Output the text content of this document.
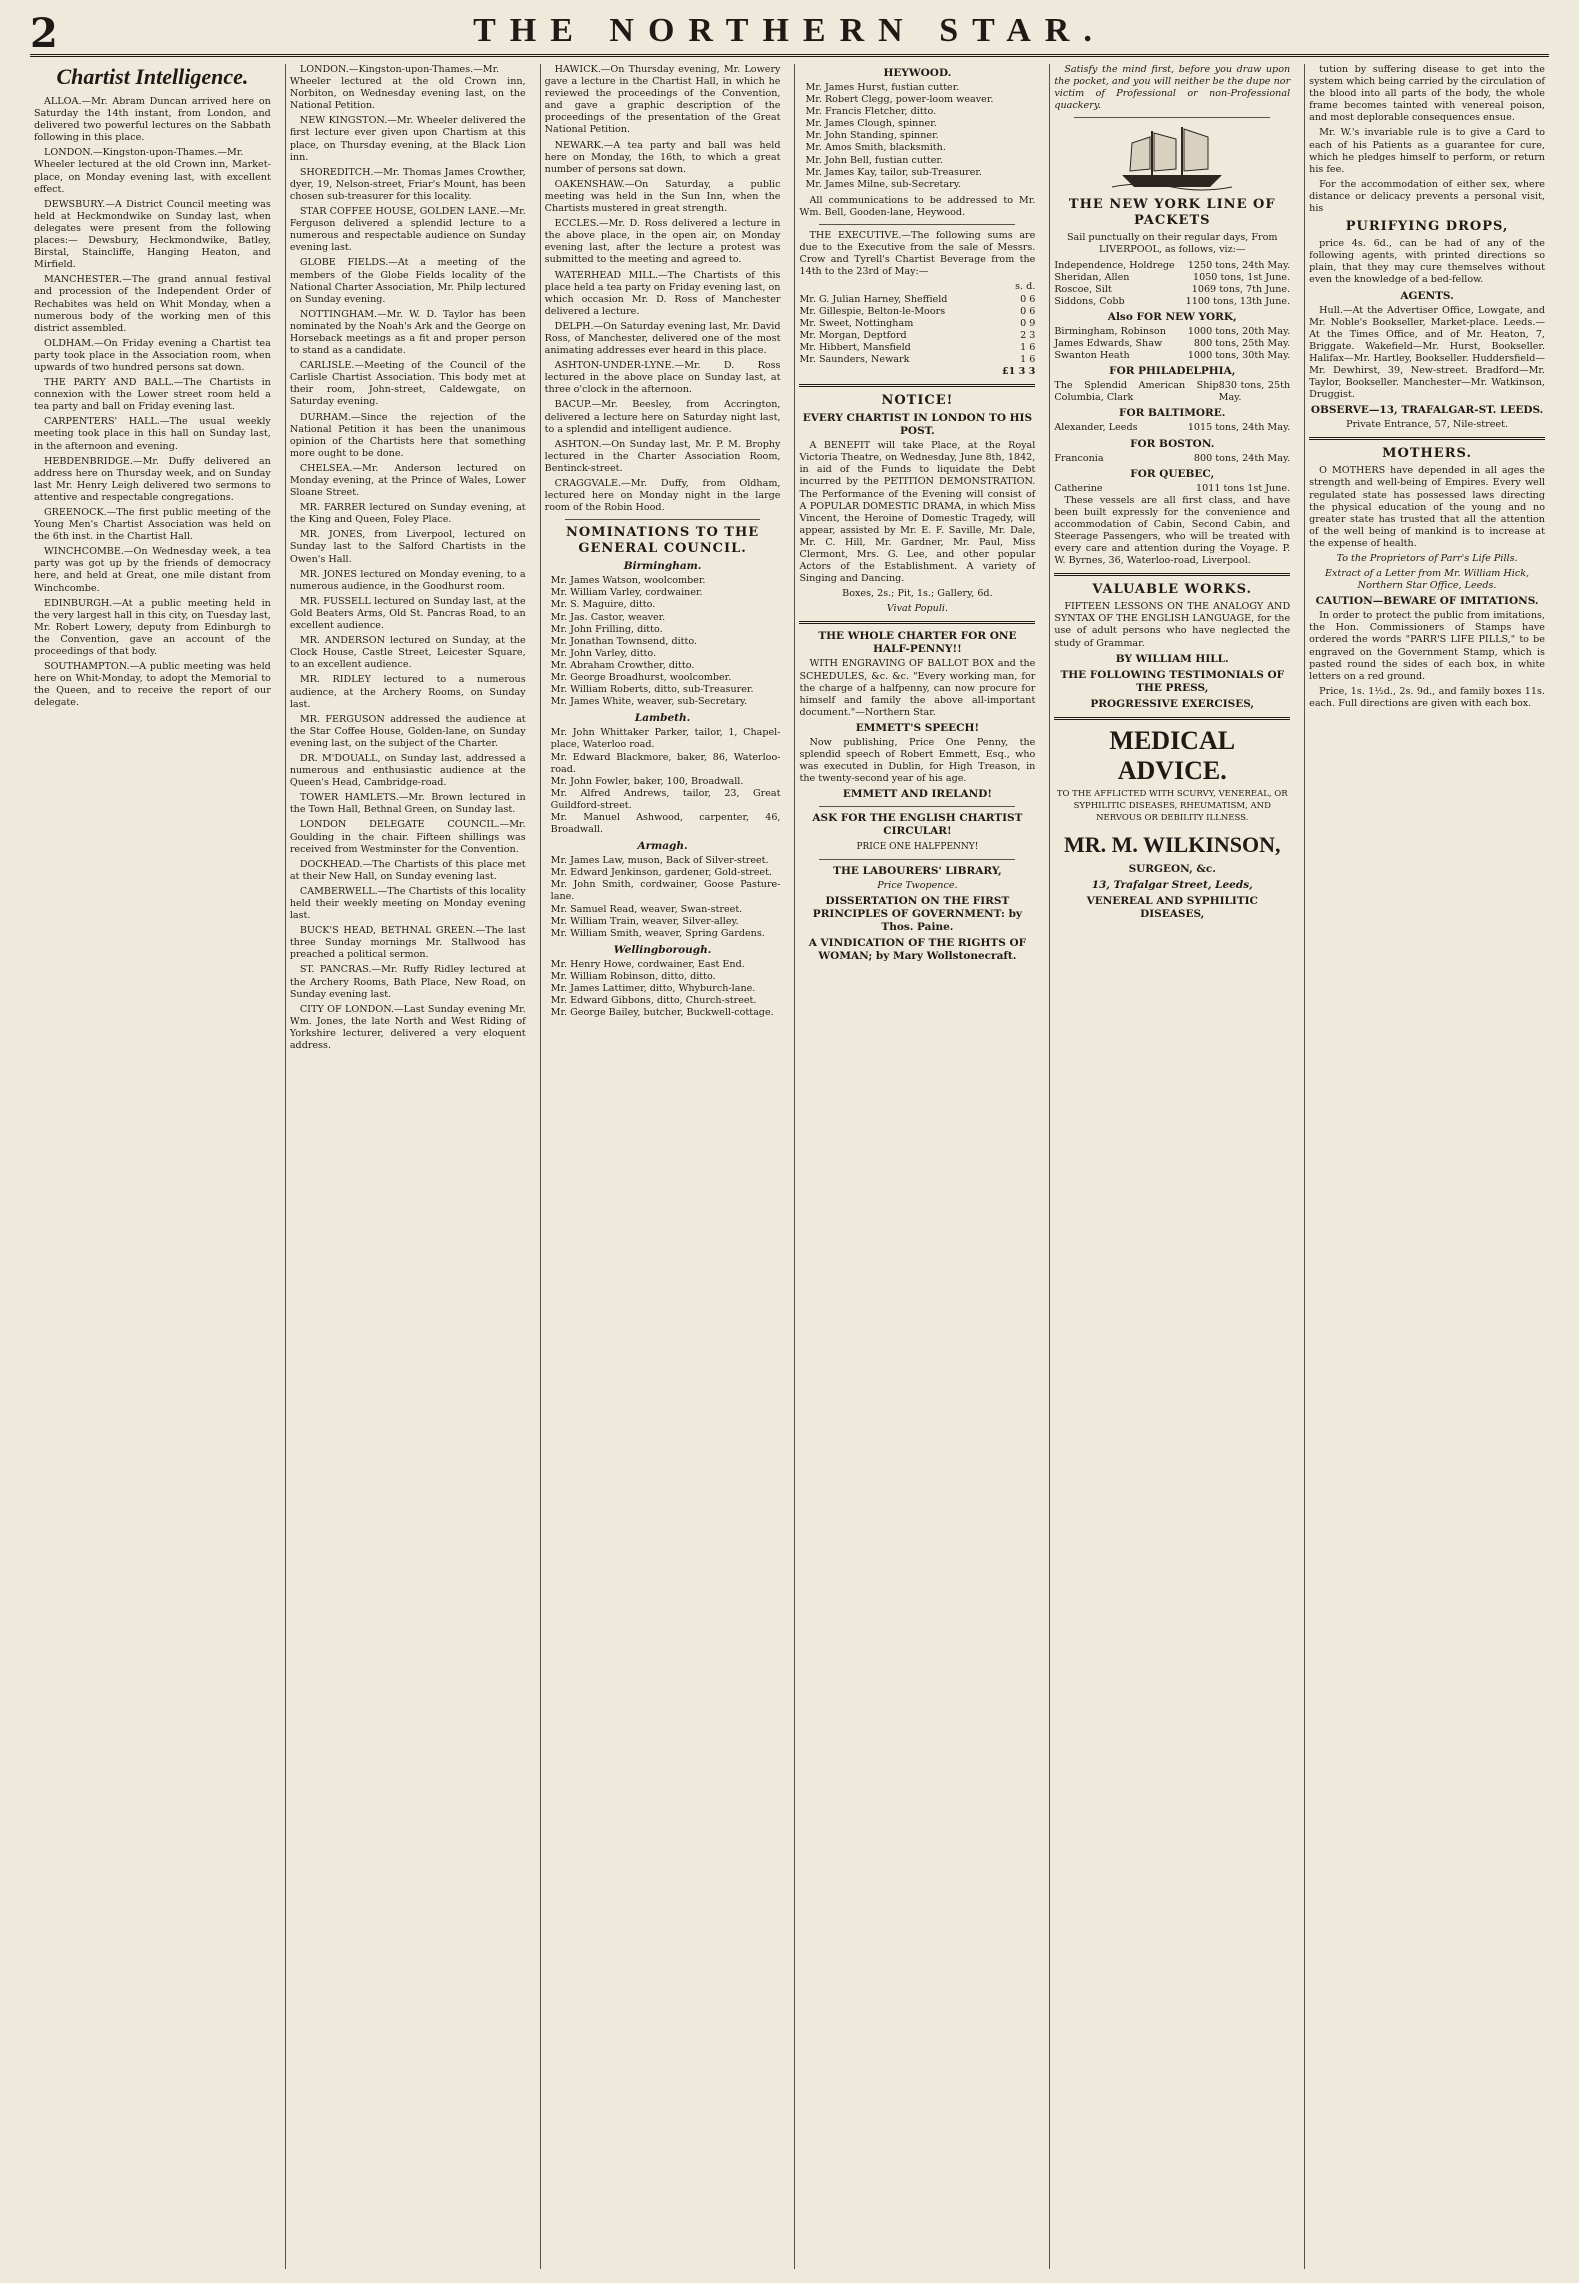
2	THE NORTHERN STAR.
Chartist Intelligence.

ALLOA.—Mr. Abram Duncan arrived here on Saturday the 14th instant, from London, and delivered two powerful lectures on the Sabbath following in this place.

LONDON.—Kingston-upon-Thames.—Mr. Wheeler lectured at the old Crown inn, Market-place, on Monday evening last, with excellent effect.

DEWSBURY.—A District Council meeting was held at Heckmondwike on Sunday last, when delegates were present from the following places:— Dewsbury, Heckmondwike, Batley, Birstal, Staincliffe, Hanging Heaton, and Mirfield.

MANCHESTER.—The grand annual festival and procession of the Independent Order of Rechabites was held on Whit Monday, when a numerous body of the working men of this district assembled.

OLDHAM.—On Friday evening a Chartist tea party took place in the Association room, when upwards of two hundred persons sat down.

THE PARTY AND BALL.—The Chartists in connexion with the Lower street room held a tea party and ball on Friday evening last.

CARPENTERS' HALL.—The usual weekly meeting took place in this hall on Sunday last, in the afternoon and evening.

HEBDENBRIDGE.—Mr. Duffy delivered an address here on Thursday week, and on Sunday last Mr. Henry Leigh delivered two sermons to attentive and respectable congregations.

GREENOCK.—The first public meeting of the Young Men's Chartist Association was held on the 6th inst. in the Chartist Hall.

WINCHCOMBE.—On Wednesday week, a tea party was got up by the friends of democracy here, and held at Great, one mile distant from Winchcombe.

EDINBURGH.—At a public meeting held in the very largest hall in this city, on Tuesday last, Mr. Robert Lowery, deputy from Edinburgh to the Convention, gave an account of the proceedings of that body.

SOUTHAMPTON.—A public meeting was held here on Whit-Monday, to adopt the Memorial to the Queen, and to receive the report of our delegate.

LONDON.—Kingston-upon-Thames.—Mr. Wheeler lectured at the old Crown inn, Norbiton, on Wednesday evening last, on the National Petition.

NEW KINGSTON.—Mr. Wheeler delivered the first lecture ever given upon Chartism at this place, on Thursday evening, at the Black Lion inn.

SHOREDITCH.—Mr. Thomas James Crowther, dyer, 19, Nelson-street, Friar's Mount, has been chosen sub-treasurer for this locality.

STAR COFFEE HOUSE, GOLDEN LANE.—Mr. Ferguson delivered a splendid lecture to a numerous and respectable audience on Sunday evening last.

GLOBE FIELDS.—At a meeting of the members of the Globe Fields locality of the National Charter Association, Mr. Philp lectured on Sunday evening.

NOTTINGHAM.—Mr. W. D. Taylor has been nominated by the Noah's Ark and the George on Horseback meetings as a fit and proper person to stand as a candidate.

CARLISLE.—Meeting of the Council of the Carlisle Chartist Association. This body met at their room, John-street, Caldewgate, on Saturday evening.

DURHAM.—Since the rejection of the National Petition it has been the unanimous opinion of the Chartists here that something more ought to be done.

CHELSEA.—Mr. Anderson lectured on Monday evening, at the Prince of Wales, Lower Sloane Street.

MR. FARRER lectured on Sunday evening, at the King and Queen, Foley Place.

MR. JONES, from Liverpool, lectured on Sunday last to the Salford Chartists in the Owen's Hall.

MR. JONES lectured on Monday evening, to a numerous audience, in the Goodhurst room.

MR. FUSSELL lectured on Sunday last, at the Gold Beaters Arms, Old St. Pancras Road, to an excellent audience.

MR. ANDERSON lectured on Sunday, at the Clock House, Castle Street, Leicester Square, to an excellent audience.

MR. RIDLEY lectured to a numerous audience, at the Archery Rooms, on Sunday last.

MR. FERGUSON addressed the audience at the Star Coffee House, Golden-lane, on Sunday evening last, on the subject of the Charter.

DR. M'DOUALL, on Sunday last, addressed a numerous and enthusiastic audience at the Queen's Head, Cambridge-road.

TOWER HAMLETS.—Mr. Brown lectured in the Town Hall, Bethnal Green, on Sunday last.

LONDON DELEGATE COUNCIL.—Mr. Goulding in the chair. Fifteen shillings was received from Westminster for the Convention.

DOCKHEAD.—The Chartists of this place met at their New Hall, on Sunday evening last.

CAMBERWELL.—The Chartists of this locality held their weekly meeting on Monday evening last.

BUCK'S HEAD, BETHNAL GREEN.—The last three Sunday mornings Mr. Stallwood has preached a political sermon.

ST. PANCRAS.—Mr. Ruffy Ridley lectured at the Archery Rooms, Bath Place, New Road, on Sunday evening last.

CITY OF LONDON.—Last Sunday evening Mr. Wm. Jones, the late North and West Riding of Yorkshire lecturer, delivered a very eloquent address.

HAWICK.—On Thursday evening, Mr. Lowery gave a lecture in the Chartist Hall, in which he reviewed the proceedings of the Convention, and gave a graphic description of the proceedings of the presentation of the Great National Petition.

NEWARK.—A tea party and ball was held here on Monday, the 16th, to which a great number of persons sat down.

OAKENSHAW.—On Saturday, a public meeting was held in the Sun Inn, when the Chartists mustered in great strength.

ECCLES.—Mr. D. Ross delivered a lecture in the above place, in the open air, on Monday evening last, after the lecture a protest was submitted to the meeting and agreed to.

WATERHEAD MILL.—The Chartists of this place held a tea party on Friday evening last, on which occasion Mr. D. Ross of Manchester delivered a lecture.

DELPH.—On Saturday evening last, Mr. David Ross, of Manchester, delivered one of the most animating addresses ever heard in this place.

ASHTON-UNDER-LYNE.—Mr. D. Ross lectured in the above place on Sunday last, at three o'clock in the afternoon.

BACUP.—Mr. Beesley, from Accrington, delivered a lecture here on Saturday night last, to a splendid and intelligent audience.

ASHTON.—On Sunday last, Mr. P. M. Brophy lectured in the Charter Association Room, Bentinck-street.

CRAGGVALE.—Mr. Duffy, from Oldham, lectured here on Monday night in the large room of the Robin Hood.

NOMINATIONS TO THE GENERAL COUNCIL.
Birmingham.
Mr. James Watson, woolcomber.
Mr. William Varley, cordwainer.
Mr. S. Maguire, ditto.
Mr. Jas. Castor, weaver.
Mr. John Frilling, ditto.
Mr. Jonathan Townsend, ditto.
Mr. John Varley, ditto.
Mr. Abraham Crowther, ditto.
Mr. George Broadhurst, woolcomber.
Mr. William Roberts, ditto, sub-Treasurer.
Mr. James White, weaver, sub-Secretary.
Lambeth.
Mr. John Whittaker Parker, tailor, 1, Chapel-place, Waterloo road.
Mr. Edward Blackmore, baker, 86, Waterloo-road.
Mr. John Fowler, baker, 100, Broadwall.
Mr. Alfred Andrews, tailor, 23, Great Guildford-street.
Mr. Manuel Ashwood, carpenter, 46, Broadwall.
Armagh.
Mr. James Law, muson, Back of Silver-street.
Mr. Edward Jenkinson, gardener, Gold-street.
Mr. John Smith, cordwainer, Goose Pasture-lane.
Mr. Samuel Read, weaver, Swan-street.
Mr. William Train, weaver, Silver-alley.
Mr. William Smith, weaver, Spring Gardens.
Wellingborough.
Mr. Henry Howe, cordwainer, East End.
Mr. William Robinson, ditto, ditto.
Mr. James Lattimer, ditto, Whyburch-lane.
Mr. Edward Gibbons, ditto, Church-street.
Mr. George Bailey, butcher, Buckwell-cottage.
HEYWOOD.
Mr. James Hurst, fustian cutter.
Mr. Robert Clegg, power-loom weaver.
Mr. Francis Fletcher, ditto.
Mr. James Clough, spinner.
Mr. John Standing, spinner.
Mr. Amos Smith, blacksmith.
Mr. John Bell, fustian cutter.
Mr. James Kay, tailor, sub-Treasurer.
Mr. James Milne, sub-Secretary.

All communications to be addressed to Mr. Wm. Bell, Gooden-lane, Heywood.

THE EXECUTIVE.—The following sums are due to the Executive from the sale of Messrs. Crow and Tyrell's Chartist Beverage from the 14th to the 23rd of May:—

s. d.
Mr. G. Julian Harney, Sheffield	0 6
Mr. Gillespie, Belton-le-Moors	0 6
Mr. Sweet, Nottingham	0 9
Mr. Morgan, Deptford	2 3
Mr. Hibbert, Mansfield	1 6
Mr. Saunders, Newark	1 6
£1 3 3
NOTICE!
EVERY CHARTIST IN LONDON TO HIS POST.

A BENEFIT will take Place, at the Royal Victoria Theatre, on Wednesday, June 8th, 1842, in aid of the Funds to liquidate the Debt incurred by the PETITION DEMONSTRATION. The Performance of the Evening will consist of A POPULAR DOMESTIC DRAMA, in which Miss Vincent, the Heroine of Domestic Tragedy, will appear, assisted by Mr. E. F. Saville, Mr. Dale, Mr. C. Hill, Mr. Gardner, Mr. Paul, Miss Clermont, Mrs. G. Lee, and other popular Actors of the Establishment. A variety of Singing and Dancing.

Boxes, 2s.; Pit, 1s.; Gallery, 6d.

Vivat Populi.

THE WHOLE CHARTER FOR ONE HALF-PENNY!!

WITH ENGRAVING OF BALLOT BOX and the SCHEDULES, &c. &c. "Every working man, for the charge of a halfpenny, can now procure for himself and family the above all-important document."—Northern Star.

EMMETT'S SPEECH!

Now publishing, Price One Penny, the splendid speech of Robert Emmett, Esq., who was executed in Dublin, for High Treason, in the twenty-second year of his age.

EMMETT AND IRELAND!
ASK FOR THE ENGLISH CHARTIST CIRCULAR!
PRICE ONE HALFPENNY!
THE LABOURERS' LIBRARY,

Price Twopence.

DISSERTATION ON THE FIRST PRINCIPLES OF GOVERNMENT: by Thos. Paine.
A VINDICATION OF THE RIGHTS OF WOMAN; by Mary Wollstonecraft.

Satisfy the mind first, before you draw upon the pocket, and you will neither be the dupe nor victim of Professional or non-Professional quackery.

THE NEW YORK LINE OF PACKETS

Sail punctually on their regular days, From LIVERPOOL, as follows, viz:—

Independence, Holdrege 1250 tons, 24th May.
Sheridan, Allen	1050 tons, 1st June.
Roscoe, Silt	1069 tons, 7th June.
Siddons, Cobb	1100 tons, 13th June.
Also FOR NEW YORK,
Birmingham, Robinson 1000 tons, 20th May.
James Edwards, Shaw	800 tons, 25th May.
Swanton Heath	1000 tons, 30th May.
FOR PHILADELPHIA,
The Splendid American Ship Columbia, Clark
830 tons, 25th May.
FOR BALTIMORE.
Alexander, Leeds	1015 tons, 24th May.
FOR BOSTON.
Franconia	800 tons, 24th May.
FOR QUEBEC,
Catherine	1011 tons 1st June.

These vessels are all first class, and have been built expressly for the convenience and accommodation of Cabin, Second Cabin, and Steerage Passengers, who will be treated with every care and attention during the Voyage. P. W. Byrnes, 36, Waterloo-road, Liverpool.

VALUABLE WORKS.

FIFTEEN LESSONS ON THE ANALOGY AND SYNTAX OF THE ENGLISH LANGUAGE, for the use of adult persons who have neglected the study of Grammar.

BY WILLIAM HILL.
THE FOLLOWING TESTIMONIALS OF THE PRESS,
PROGRESSIVE EXERCISES,
MEDICAL ADVICE.

TO THE AFFLICTED WITH SCURVY, VENEREAL, OR SYPHILITIC DISEASES, RHEUMATISM, AND NERVOUS OR DEBILITY ILLNESS.

MR. M. WILKINSON,
SURGEON, &c.
13, Trafalgar Street, Leeds,
VENEREAL AND SYPHILITIC DISEASES,

tution by suffering disease to get into the system which being carried by the circulation of the blood into all parts of the body, the whole frame becomes tainted with venereal poison, and most deplorable consequences ensue.

Mr. W.'s invariable rule is to give a Card to each of his Patients as a guarantee for cure, which he pledges himself to perform, or return his fee.

For the accommodation of either sex, where distance or delicacy prevents a personal visit, his

PURIFYING DROPS,

price 4s. 6d., can be had of any of the following agents, with printed directions so plain, that they may cure themselves without even the knowledge of a bed-fellow.

AGENTS.

Hull.—At the Advertiser Office, Lowgate, and Mr. Noble's Bookseller, Market-place. Leeds.—At the Times Office, and of Mr. Heaton, 7, Briggate. Wakefield—Mr. Hurst, Bookseller. Halifax—Mr. Hartley, Bookseller. Huddersfield—Mr. Dewhirst, 39, New-street. Bradford—Mr. Taylor, Bookseller. Manchester—Mr. Watkinson, Druggist.

OBSERVE—13, TRAFALGAR-ST. LEEDS.

Private Entrance, 57, Nile-street.

MOTHERS.

O MOTHERS have depended in all ages the strength and well-being of Empires. Every well regulated state has possessed laws directing the physical education of the young and no greater state has trusted that all the attention of the well being of mankind is to increase at the expense of health.

To the Proprietors of Parr's Life Pills.

Extract of a Letter from Mr. William Hick, Northern Star Office, Leeds.

CAUTION—BEWARE OF IMITATIONS.

In order to protect the public from imitations, the Hon. Commissioners of Stamps have ordered the words "PARR'S LIFE PILLS," to be engraved on the Government Stamp, which is pasted round the sides of each box, in white letters on a red ground.

Price, 1s. 1½d., 2s. 9d., and family boxes 11s. each. Full directions are given with each box.
